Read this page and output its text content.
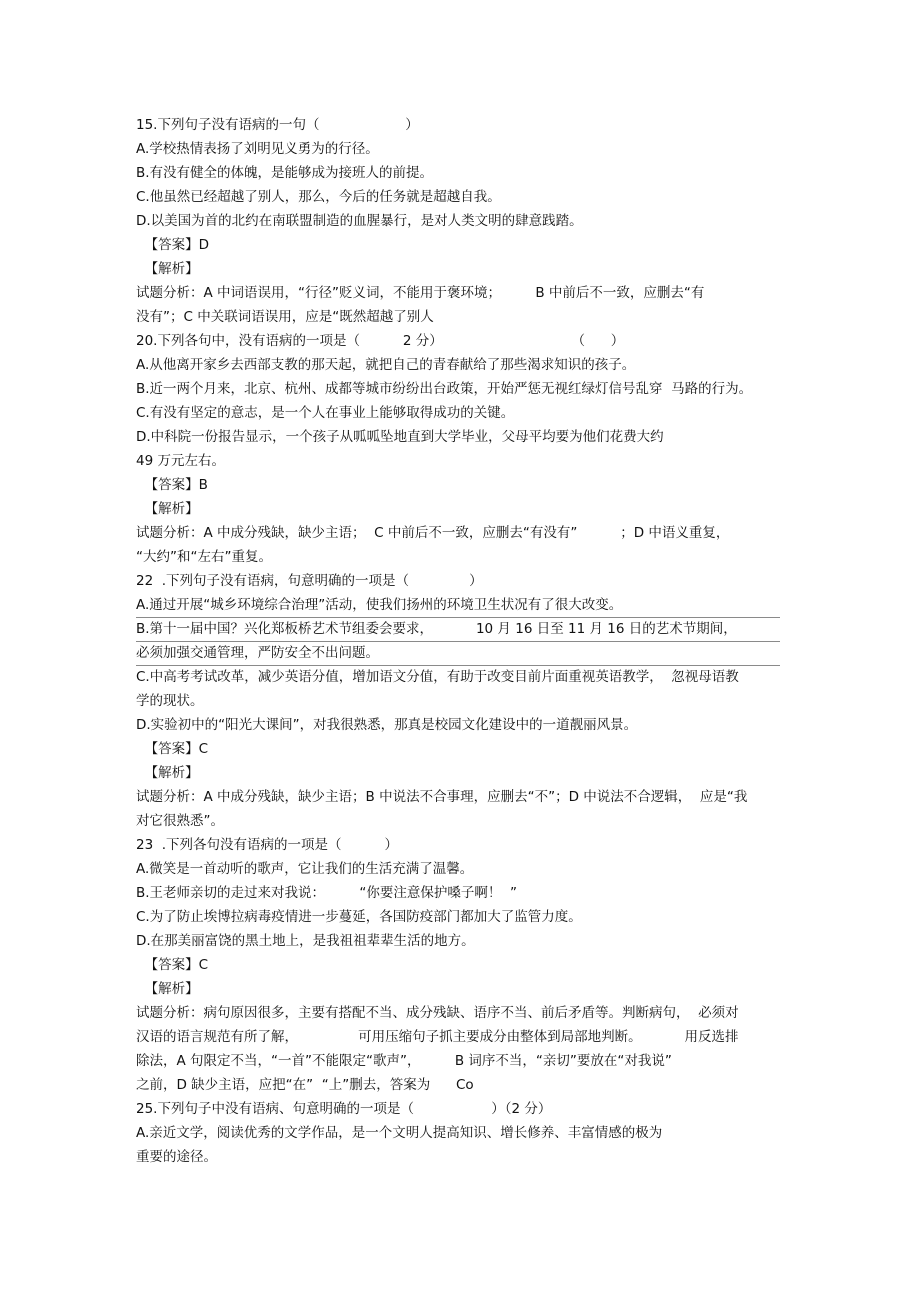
15.下列句子没有语病的一句（                    ）

A.学校热情表扬了刘明见义勇为的行径。

B.有没有健全的体魄，是能够成为接班人的前提。

C.他虽然已经超越了别人，那么，今后的任务就是超越自我。

D.以美国为首的北约在南联盟制造的血腥暴行，是对人类文明的肆意践踏。

【答案】D

【解析】

试题分析：A 中词语误用，“行径”贬义词，不能用于褒环境；        B 中前后不一致，应删去“有

没有”；C 中关联词语误用，应是“既然超越了别人

20.下列各句中，没有语病的一项是（          2 分）                              （      ）

A.从他离开家乡去西部支教的那天起，就把自己的青春献给了那些渴求知识的孩子。

B.近一两个月来，北京、杭州、成都等城市纷纷出台政策，开始严惩无视红绿灯信号乱穿  马路的行为。

C.有没有坚定的意志，是一个人在事业上能够取得成功的关键。

D.中科院一份报告显示，一个孩子从呱呱坠地直到大学毕业，父母平均要为他们花费大约

49 万元左右。

【答案】B

【解析】

试题分析：A 中成分残缺，缺少主语；  C 中前后不一致，应删去“有没有”          ；D 中语义重复，

“大约”和“左右”重复。

22  .下列句子没有语病，句意明确的一项是（              ）

A.通过开展“城乡环境综合治理”活动，使我们扬州的环境卫生状况有了很大改变。

B.第十一届中国？兴化郑板桥艺术节组委会要求，          10 月 16 日至 11 月 16 日的艺术节期间，

必须加强交通管理，严防安全不出问题。

C.中高考考试改革，减少英语分值，增加语文分值，有助于改变目前片面重视英语教学，  忽视母语教

学的现状。

D.实验初中的“阳光大课间”，对我很熟悉，那真是校园文化建设中的一道靓丽风景。

【答案】C

【解析】

试题分析：A 中成分残缺，缺少主语；B 中说法不合事理，应删去“不”；D 中说法不合逻辑，  应是“我

对它很熟悉”。

23  .下列各句没有语病的一项是（          ）

A.微笑是一首动听的歌声，它让我们的生活充满了温馨。

B.王老师亲切的走过来对我说：        “你要注意保护嗓子啊！  ”

C.为了防止埃博拉病毒疫情进一步蔓延，各国防疫部门都加大了监管力度。

D.在那美丽富饶的黑土地上，是我祖祖辈辈生活的地方。

【答案】C

【解析】

试题分析：病句原因很多，主要有搭配不当、成分残缺、语序不当、前后矛盾等。判断病句，  必须对

汉语的语言规范有所了解，              可用压缩句子抓主要成分由整体到局部地判断。          用反选排

除法，A 句限定不当，“一首”不能限定“歌声”，        B 词序不当，“亲切”要放在“对我说”

之前，D 缺少主语，应把“在”  “上”删去，答案为      Co

25.下列句子中没有语病、句意明确的一项是（                  ）（2 分）

A.亲近文学，阅读优秀的文学作品，是一个文明人提高知识、增长修养、丰富情感的极为

重要的途径。
